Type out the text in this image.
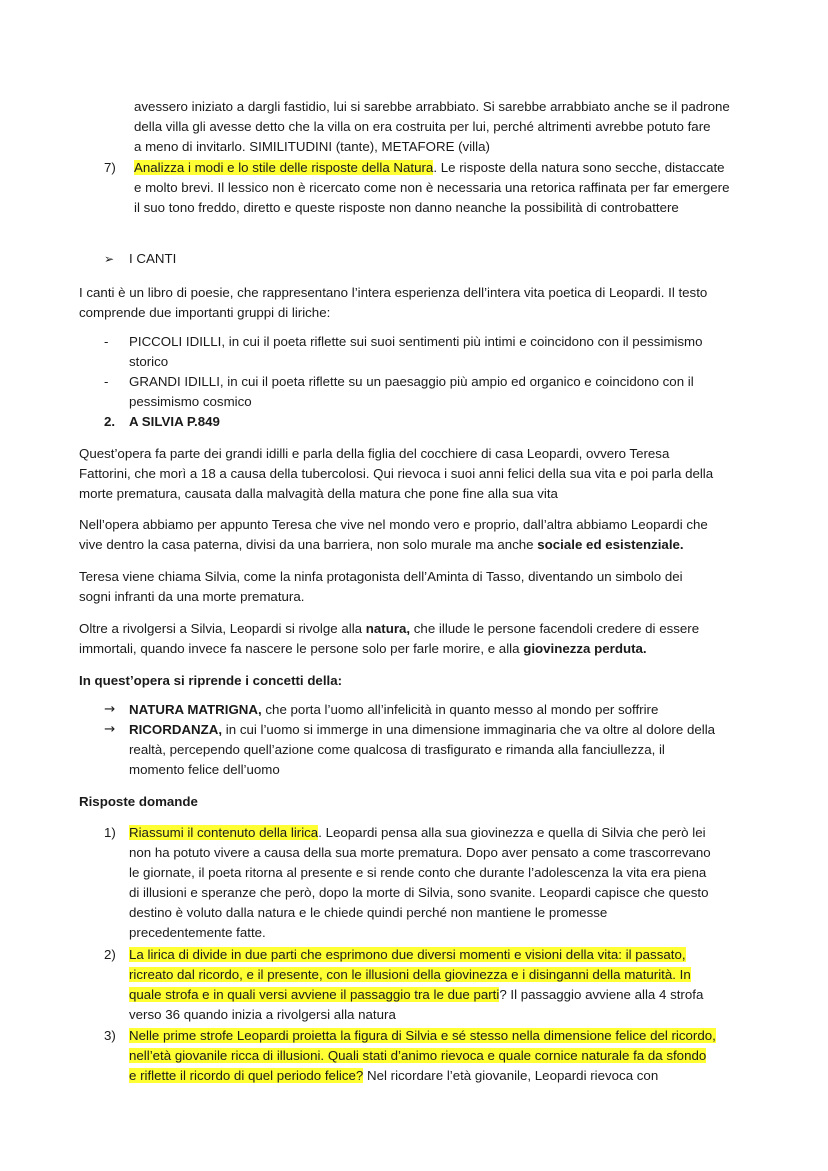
avessero iniziato a dargli fastidio, lui si sarebbe arrabbiato. Si sarebbe arrabbiato anche se il padrone
della villa gli avesse detto che la villa on era costruita per lui, perché altrimenti avrebbe potuto fare
a meno di invitarlo. SIMILITUDINI (tante), METAFORE (villa)
7) Analizza i modi e lo stile delle risposte della Natura. Le risposte della natura sono secche, distaccate
e molto brevi. Il lessico non è ricercato come non è necessaria una retorica raffinata per far emergere
il suo tono freddo, diretto e queste risposte non danno neanche la possibilità di controbattere
➢ I CANTI
I canti è un libro di poesie, che rappresentano l’intera esperienza dell’intera vita poetica di Leopardi. Il testo
comprende due importanti gruppi di liriche:
- PICCOLI IDILLI, in cui il poeta riflette sui suoi sentimenti più intimi e coincidono con il pessimismo
storico
- GRANDI IDILLI, in cui il poeta riflette su un paesaggio più ampio ed organico e coincidono con il
pessimismo cosmico
2. A SILVIA P.849
Quest’opera fa parte dei grandi idilli e parla della figlia del cocchiere di casa Leopardi, ovvero Teresa
Fattorini, che morì a 18 a causa della tubercolosi. Qui rievoca i suoi anni felici della sua vita e poi parla della
morte prematura, causata dalla malvagità della matura che pone fine alla sua vita
Nell’opera abbiamo per appunto Teresa che vive nel mondo vero e proprio, dall’altra abbiamo Leopardi che
vive dentro la casa paterna, divisi da una barriera, non solo murale ma anche sociale ed esistenziale.
Teresa viene chiama Silvia, come la ninfa protagonista dell’Aminta di Tasso, diventando un simbolo dei
sogni infranti da una morte prematura.
Oltre a rivolgersi a Silvia, Leopardi si rivolge alla natura, che illude le persone facendoli credere di essere
immortali, quando invece fa nascere le persone solo per farle morire, e alla giovinezza perduta.
In quest’opera si riprende i concetti della:
→ NATURA MATRIGNA, che porta l’uomo all’infelicità in quanto messo al mondo per soffrire
→ RICORDANZA, in cui l’uomo si immerge in una dimensione immaginaria che va oltre al dolore della
realtà, percependo quell’azione come qualcosa di trasfigurato e rimanda alla fanciullezza, il
momento felice dell’uomo
Risposte domande
1) Riassumi il contenuto della lirica. Leopardi pensa alla sua giovinezza e quella di Silvia che però lei
non ha potuto vivere a causa della sua morte prematura. Dopo aver pensato a come trascorrevano
le giornate, il poeta ritorna al presente e si rende conto che durante l’adolescenza la vita era piena
di illusioni e speranze che però, dopo la morte di Silvia, sono svanite. Leopardi capisce che questo
destino è voluto dalla natura e le chiede quindi perché non mantiene le promesse
precedentemente fatte.
2) La lirica di divide in due parti che esprimono due diversi momenti e visioni della vita: il passato,
ricreato dal ricordo, e il presente, con le illusioni della giovinezza e i disinganni della maturità. In
quale strofa e in quali versi avviene il passaggio tra le due parti? Il passaggio avviene alla 4 strofa
verso 36 quando inizia a rivolgersi alla natura
3) Nelle prime strofe Leopardi proietta la figura di Silvia e sé stesso nella dimensione felice del ricordo,
nell’età giovanile ricca di illusioni. Quali stati d’animo rievoca e quale cornice naturale fa da sfondo
e riflette il ricordo di quel periodo felice? Nel ricordare l’età giovanile, Leopardi rievoca con
